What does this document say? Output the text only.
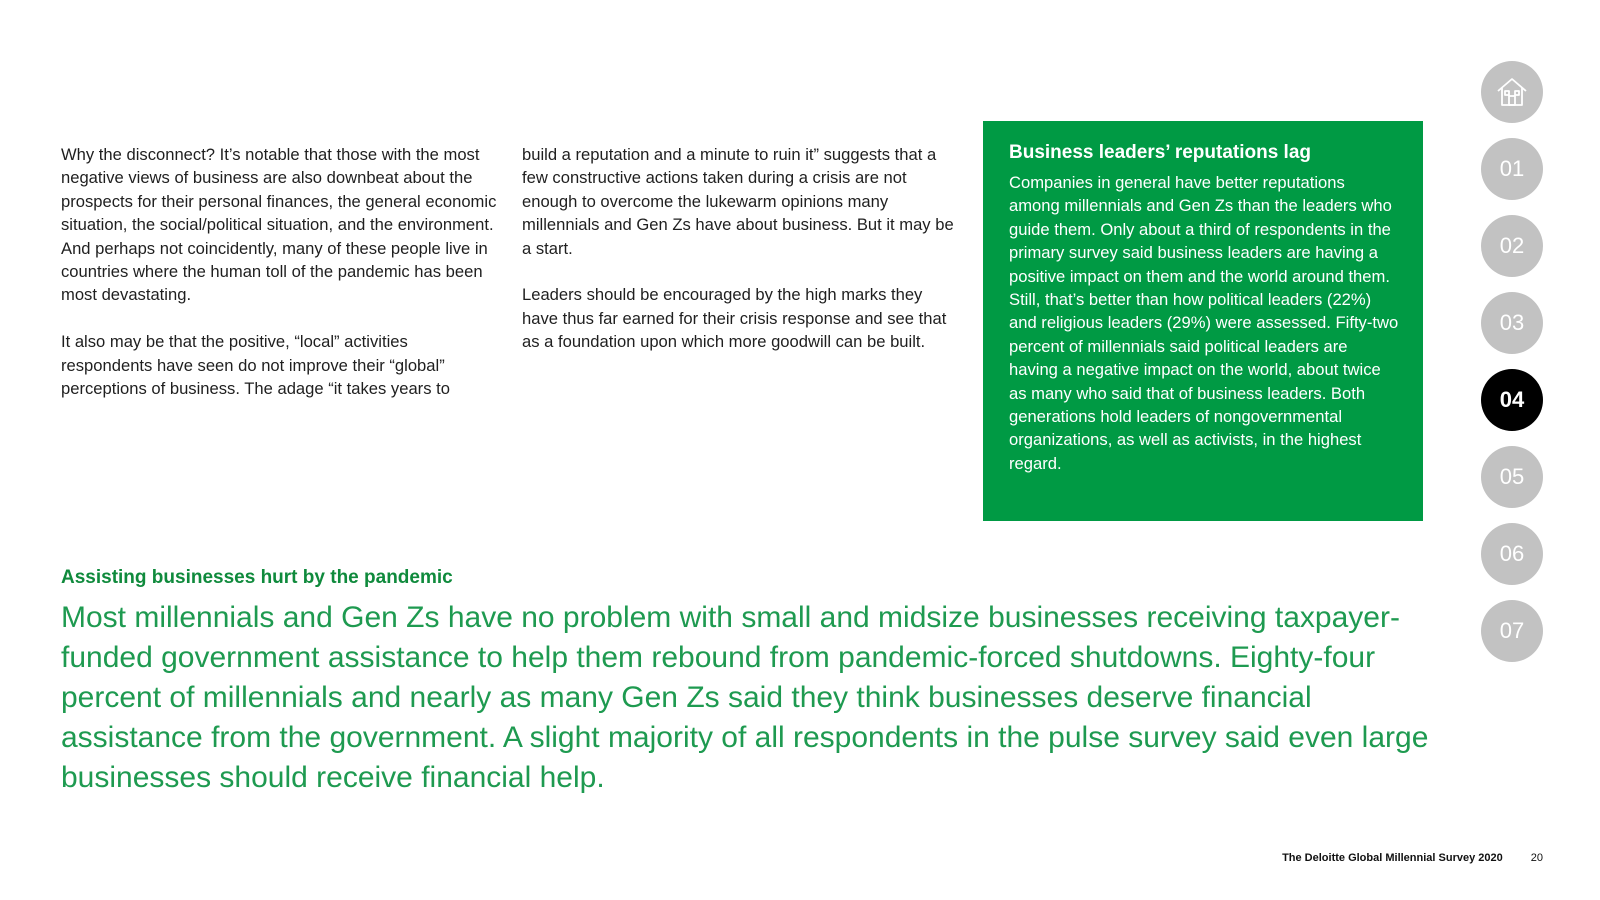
Why the disconnect? It’s notable that those with the most negative views of business are also downbeat about the prospects for their personal finances, the general economic situation, the social/political situation, and the environment. And perhaps not coincidently, many of these people live in countries where the human toll of the pandemic has been most devastating.

It also may be that the positive, “local” activities respondents have seen do not improve their “global” perceptions of business. The adage “it takes years to

build a reputation and a minute to ruin it” suggests that a few constructive actions taken during a crisis are not enough to overcome the lukewarm opinions many millennials and Gen Zs have about business. But it may be a start.

Leaders should be encouraged by the high marks they have thus far earned for their crisis response and see that as a foundation upon which more goodwill can be built.

Business leaders’ reputations lag
Companies in general have better reputations among millennials and Gen Zs than the leaders who guide them. Only about a third of respondents in the primary survey said business leaders are having a positive impact on them and the world around them. Still, that’s better than how political leaders (22%) and religious leaders (29%) were assessed. Fifty-two percent of millennials said political leaders are having a negative impact on the world, about twice as many who said that of business leaders. Both generations hold leaders of nongovernmental organizations, as well as activists, in the highest regard.
Assisting businesses hurt by the pandemic
Most millennials and Gen Zs have no problem with small and midsize businesses receiving taxpayer-funded government assistance to help them rebound from pandemic-forced shutdowns. Eighty-four percent of millennials and nearly as many Gen Zs said they think businesses deserve financial assistance from the government. A slight majority of all respondents in the pulse survey said even large businesses should receive financial help.
01
02
03
04
05
06
07
The Deloitte Global Millennial Survey 2020	20
